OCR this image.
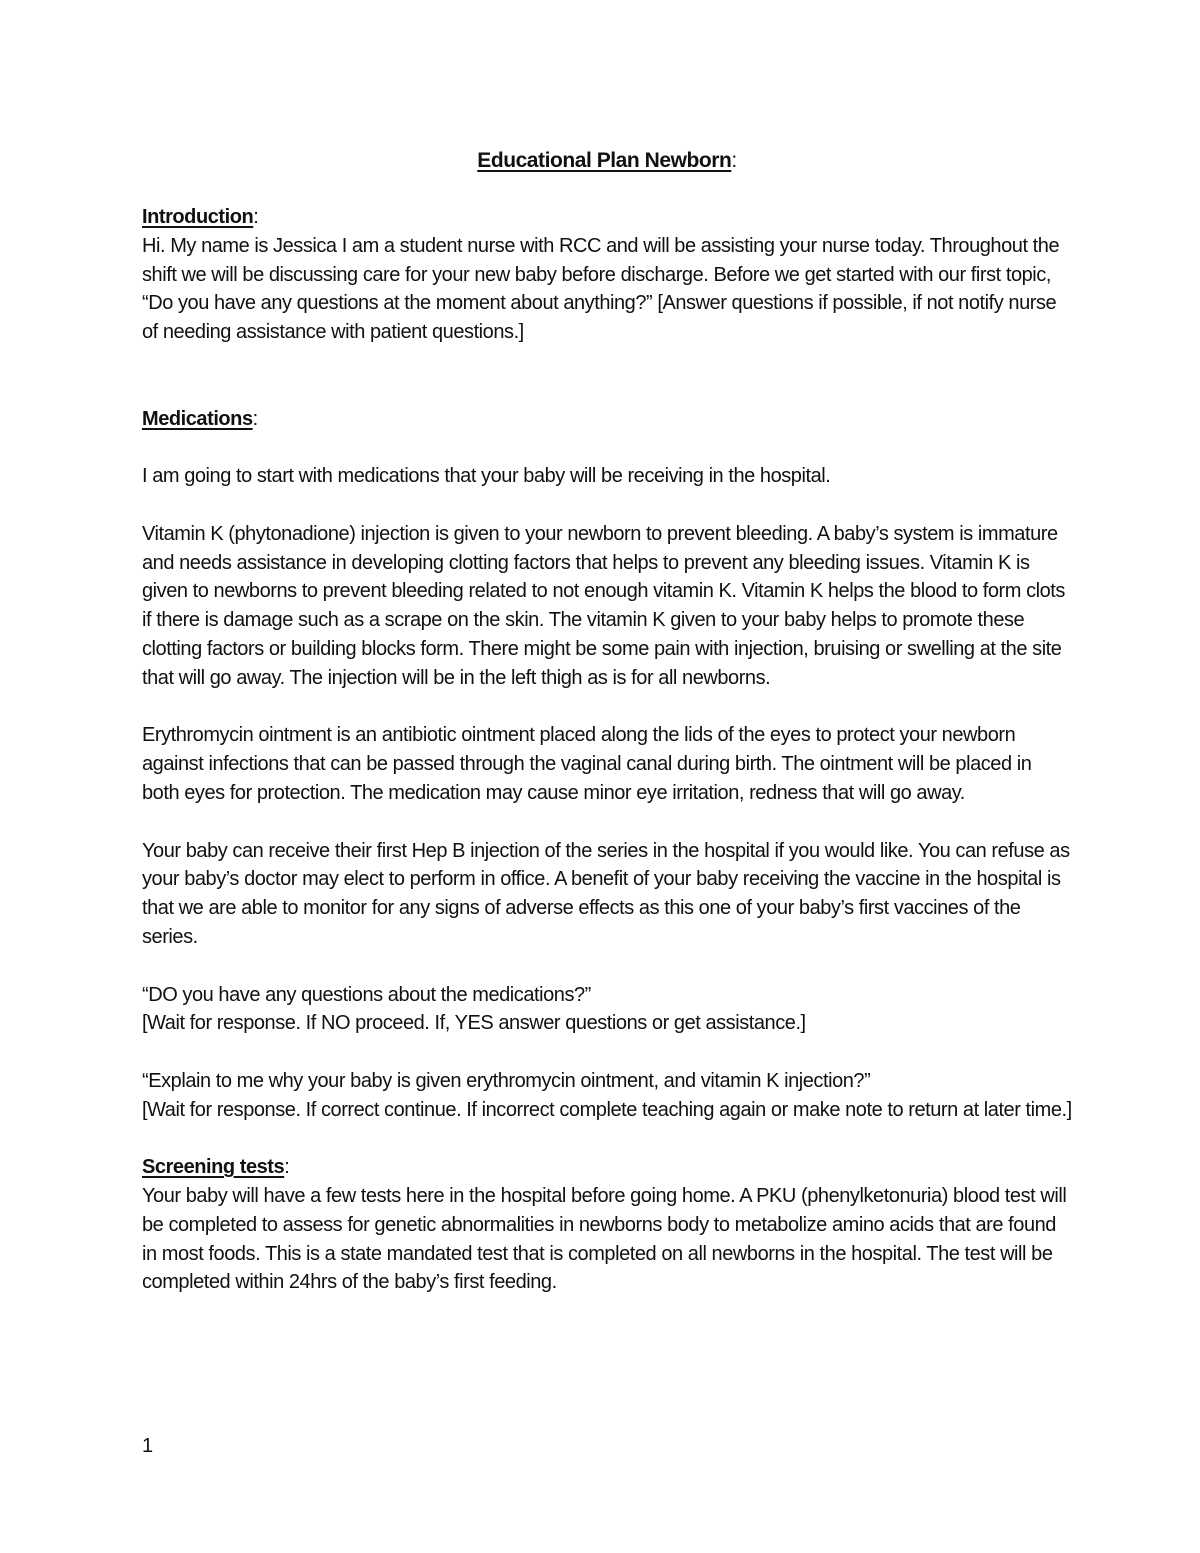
Educational Plan Newborn:
Introduction:

Hi. My name is Jessica I am a student nurse with RCC and will be assisting your nurse today. Throughout the shift we will be discussing care for your new baby before discharge. Before we get started with our first topic, “Do you have any questions at the moment about anything?” [Answer questions if possible, if not notify nurse of needing assistance with patient questions.]

Medications:

I am going to start with medications that your baby will be receiving in the hospital.

Vitamin K (phytonadione) injection is given to your newborn to prevent bleeding. A baby’s system is immature and needs assistance in developing clotting factors that helps to prevent any bleeding issues. Vitamin K is given to newborns to prevent bleeding related to not enough vitamin K. Vitamin K helps the blood to form clots if there is damage such as a scrape on the skin. The vitamin K given to your baby helps to promote these clotting factors or building blocks form. There might be some pain with injection, bruising or swelling at the site that will go away. The injection will be in the left thigh as is for all newborns.

Erythromycin ointment is an antibiotic ointment placed along the lids of the eyes to protect your newborn against infections that can be passed through the vaginal canal during birth. The ointment will be placed in both eyes for protection. The medication may cause minor eye irritation, redness that will go away.

Your baby can receive their first Hep B injection of the series in the hospital if you would like. You can refuse as your baby’s doctor may elect to perform in office. A benefit of your baby receiving the vaccine in the hospital is that we are able to monitor for any signs of adverse effects as this one of your baby’s first vaccines of the series.

“DO you have any questions about the medications?”

[Wait for response. If NO proceed. If, YES answer questions or get assistance.]

“Explain to me why your baby is given erythromycin ointment, and vitamin K injection?”

[Wait for response. If correct continue. If incorrect complete teaching again or make note to return at later time.]

Screening tests:

Your baby will have a few tests here in the hospital before going home. A PKU (phenylketonuria) blood test will be completed to assess for genetic abnormalities in newborns body to metabolize amino acids that are found in most foods. This is a state mandated test that is completed on all newborns in the hospital. The test will be completed within 24hrs of the baby’s first feeding.

1
